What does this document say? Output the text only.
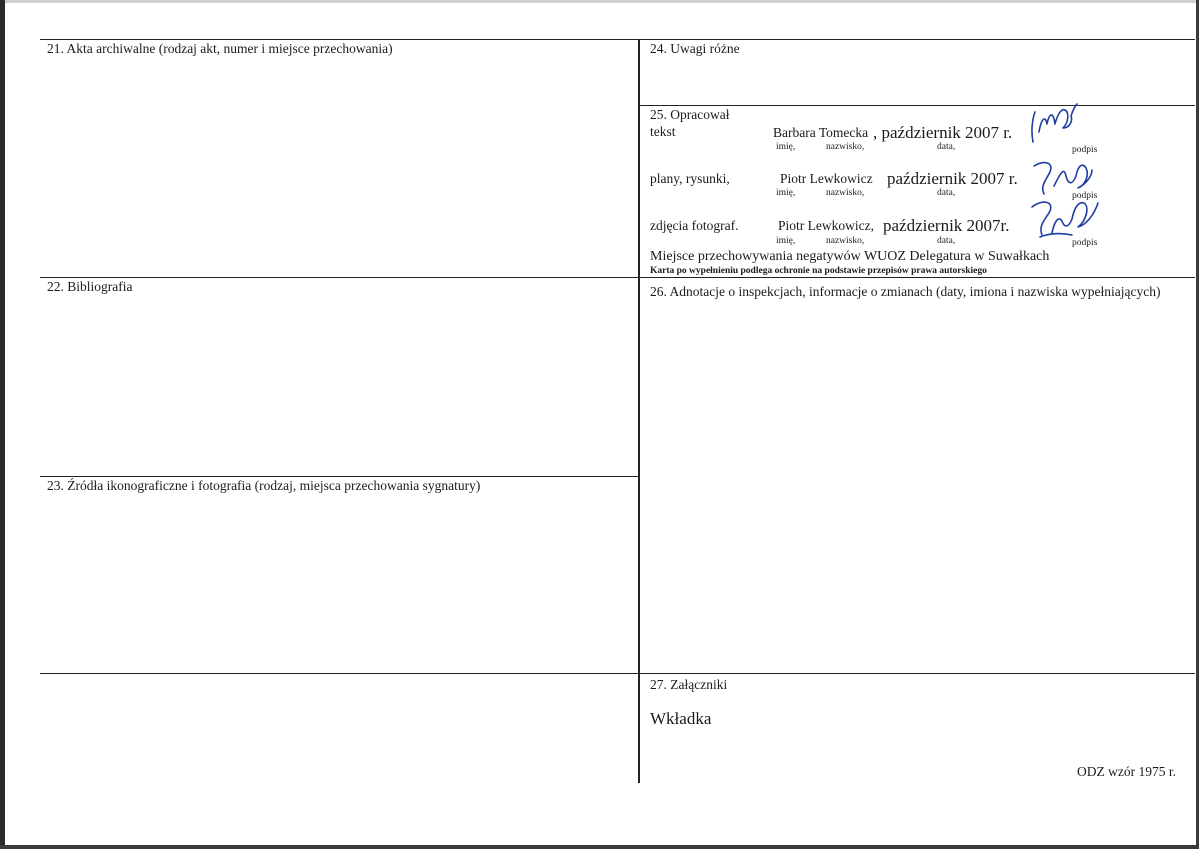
21. Akta archiwalne (rodzaj akt, numer i miejsce przechowania)
22. Bibliografia
23. Źródła ikonograficzne i fotografia (rodzaj, miejsca przechowania sygnatury)
24. Uwagi różne
25. Opracował
tekst	Barbara Tomecka , październik 2007 r.
imię,	nazwisko,	data,	podpis
plany, rysunki,	Piotr Lewkowicz październik 2007 r.
imię,	nazwisko,	data,	podpis
zdjęcia fotograf.	Piotr Lewkowicz, październik 2007r.
imię,	nazwisko,	data,	podpis
Miejsce przechowywania negatywów WUOZ Delegatura w Suwałkach
Karta po wypełnieniu podlega ochronie na podstawie przepisów prawa autorskiego
26. Adnotacje o inspekcjach, informacje o zmianach (daty, imiona i nazwiska wypełniających)
27. Załączniki
Wkładka
ODZ wzór 1975 r.
